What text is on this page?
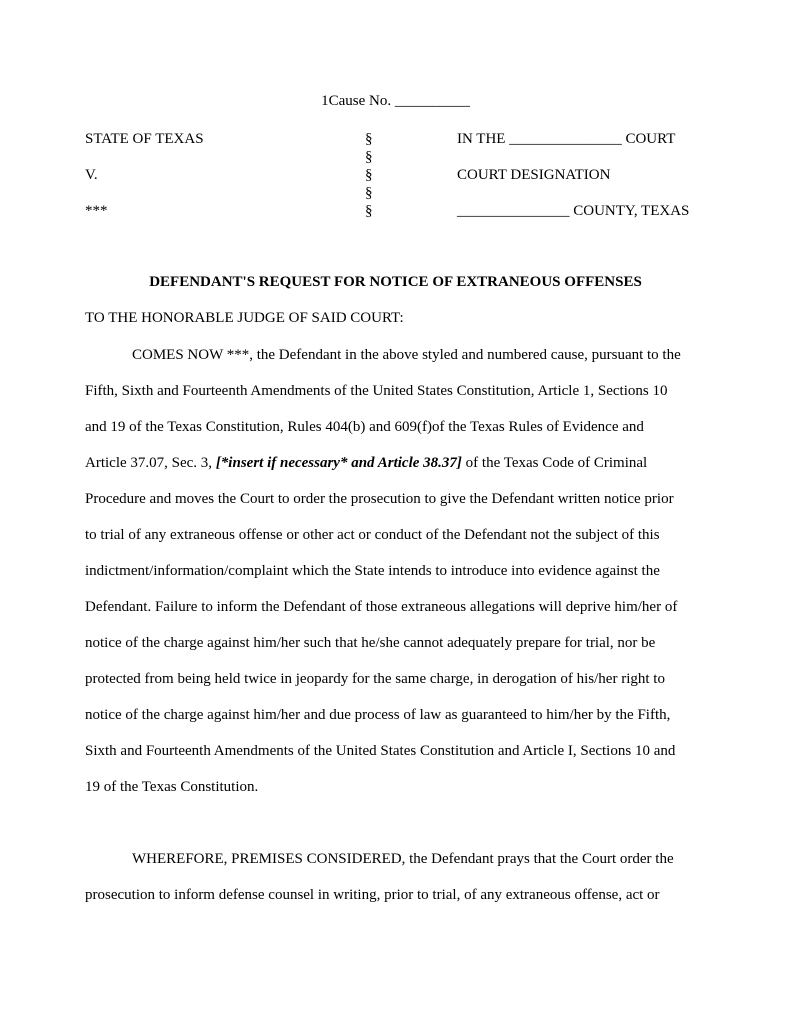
1Cause No. __________
STATE OF TEXAS
V.
***
§
§
§
§
§
IN THE _______________ COURT
COURT DESIGNATION
_______________ COUNTY, TEXAS
DEFENDANT'S REQUEST FOR NOTICE OF EXTRANEOUS OFFENSES
TO THE HONORABLE JUDGE OF SAID COURT:
COMES NOW ***, the Defendant in the above styled and numbered cause, pursuant to the
Fifth, Sixth and Fourteenth Amendments of the United States Constitution, Article 1, Sections 10
and 19 of the Texas Constitution, Rules 404(b) and 609(f)of the Texas Rules of Evidence and
Article 37.07, Sec. 3, [*insert if necessary* and Article 38.37] of the Texas Code of Criminal
Procedure and moves the Court to order the prosecution to give the Defendant written notice prior
to trial of any extraneous offense or other act or conduct of the Defendant not the subject of this
indictment/information/complaint which the State intends to introduce into evidence against the
Defendant. Failure to inform the Defendant of those extraneous allegations will deprive him/her of
notice of the charge against him/her such that he/she cannot adequately prepare for trial, nor be
protected from being held twice in jeopardy for the same charge, in derogation of his/her right to
notice of the charge against him/her and due process of law as guaranteed to him/her by the Fifth,
Sixth and Fourteenth Amendments of the United States Constitution and Article I, Sections 10 and
19 of the Texas Constitution.
WHEREFORE, PREMISES CONSIDERED, the Defendant prays that the Court order the
prosecution to inform defense counsel in writing, prior to trial, of any extraneous offense, act or
